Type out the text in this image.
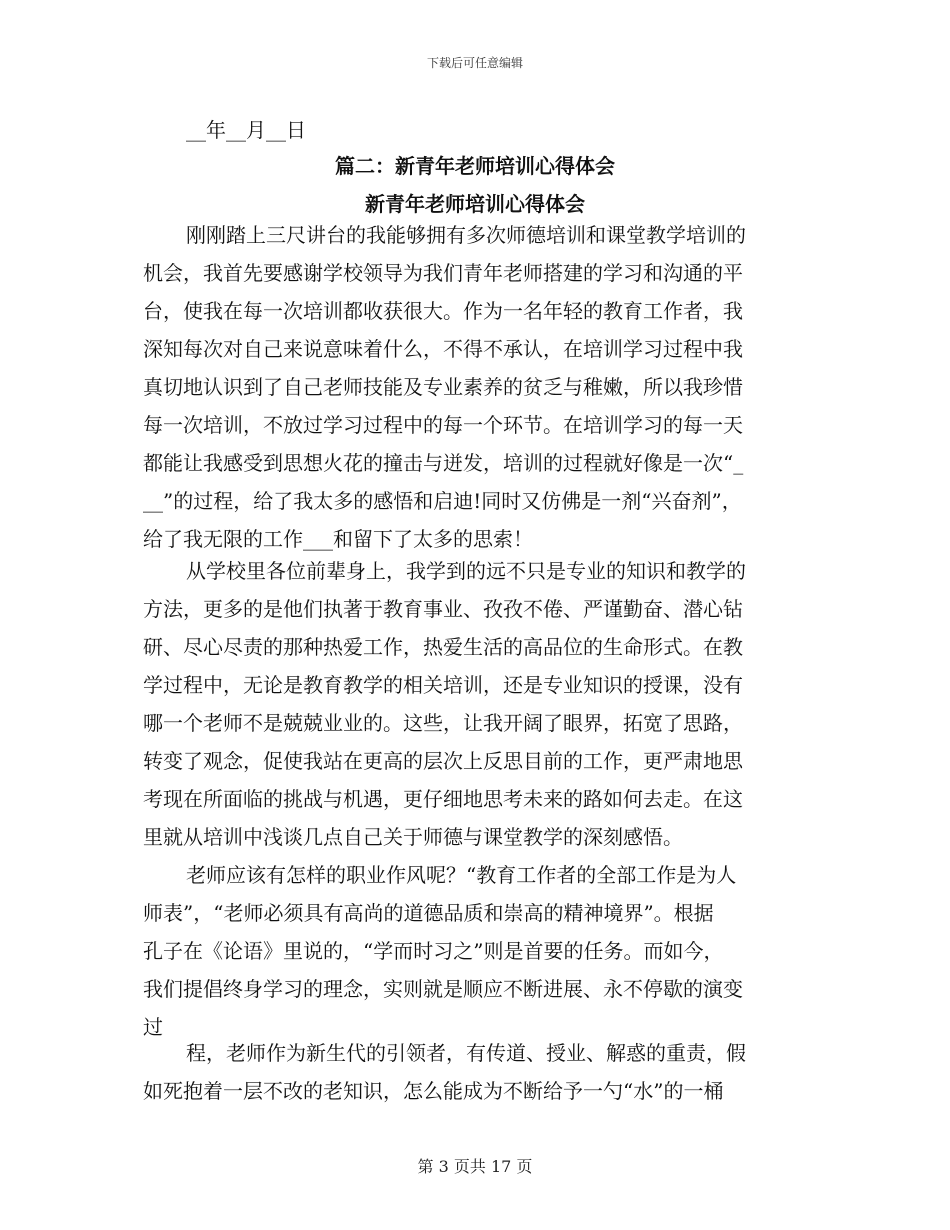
下载后可任意编辑
__年__月__日
篇二：新青年老师培训心得体会
新青年老师培训心得体会
刚刚踏上三尺讲台的我能够拥有多次师德培训和课堂教学培训的
机会，我首先要感谢学校领导为我们青年老师搭建的学习和沟通的平
台，使我在每一次培训都收获很大。作为一名年轻的教育工作者，我
深知每次对自己来说意味着什么，不得不承认，在培训学习过程中我
真切地认识到了自己老师技能及专业素养的贫乏与稚嫩，所以我珍惜
每一次培训，不放过学习过程中的每一个环节。在培训学习的每一天
都能让我感受到思想火花的撞击与迸发，培训的过程就好像是一次“_
__”的过程，给了我太多的感悟和启迪!同时又仿佛是一剂“兴奋剂”，
给了我无限的工作___和留下了太多的思索！
从学校里各位前辈身上，我学到的远不只是专业的知识和教学的
方法，更多的是他们执著于教育事业、孜孜不倦、严谨勤奋、潜心钻
研、尽心尽责的那种热爱工作，热爱生活的高品位的生命形式。在教
学过程中，无论是教育教学的相关培训，还是专业知识的授课，没有
哪一个老师不是兢兢业业的。这些，让我开阔了眼界，拓宽了思路，
转变了观念，促使我站在更高的层次上反思目前的工作，更严肃地思
考现在所面临的挑战与机遇，更仔细地思考未来的路如何去走。在这
里就从培训中浅谈几点自己关于师德与课堂教学的深刻感悟。
老师应该有怎样的职业作风呢？“教育工作者的全部工作是为人
师表”，“老师必须具有高尚的道德品质和崇高的精神境界”。根据
孔子在《论语》里说的，“学而时习之”则是首要的任务。而如今，
我们提倡终身学习的理念，实则就是顺应不断进展、永不停歇的演变
过
程，老师作为新生代的引领者，有传道、授业、解惑的重责，假
如死抱着一层不改的老知识，怎么能成为不断给予一勺“水”的一桶
第 3 页共 17 页
